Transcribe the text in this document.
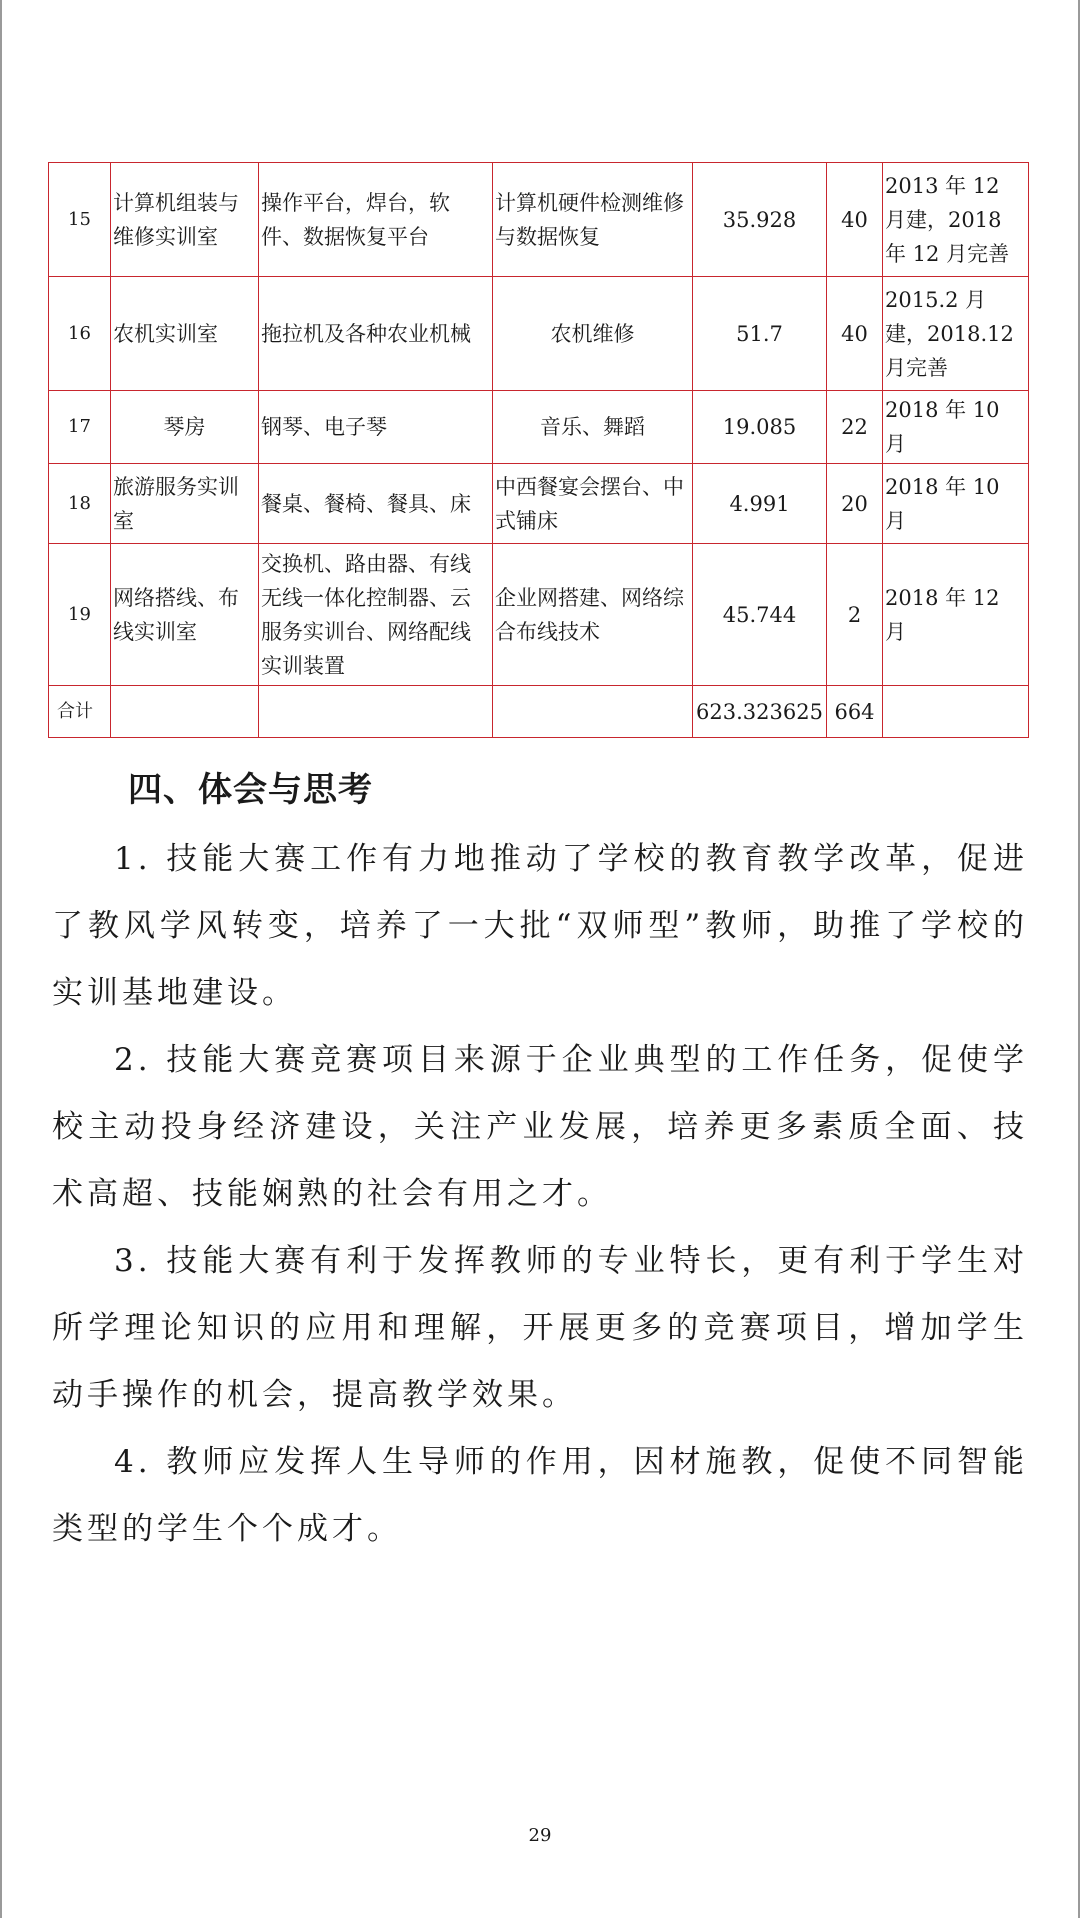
15	计算机组装与维修实训室	操作平台，焊台，软件、数据恢复平台	计算机硬件检测维修与数据恢复	35.928	40	2013 年 12 月建，2018 年 12 月完善
16	农机实训室	拖拉机及各种农业机械	农机维修	51.7	40	2015.2 月建，2018.12 月完善
17	琴房	钢琴、电子琴	音乐、舞蹈	19.085	22	2018 年 10 月
18	旅游服务实训室	餐桌、餐椅、餐具、床	中西餐宴会摆台、中式铺床	4.991	20	2018 年 10 月
19	网络搭线、布线实训室	交换机、路由器、有线无线一体化控制器、云服务实训台、网络配线实训装置	企业网搭建、网络综合布线技术	45.744	2	2018 年 12 月
合计				623.323625	664	
四、体会与思考

1. 技能大赛工作有力地推动了学校的教育教学改革，促进了教风学风转变，培养了一大批“双师型”教师，助推了学校的实训基地建设。

2. 技能大赛竞赛项目来源于企业典型的工作任务，促使学校主动投身经济建设，关注产业发展，培养更多素质全面、技术高超、技能娴熟的社会有用之才。

3. 技能大赛有利于发挥教师的专业特长，更有利于学生对所学理论知识的应用和理解，开展更多的竞赛项目，增加学生动手操作的机会，提高教学效果。

4. 教师应发挥人生导师的作用，因材施教，促使不同智能类型的学生个个成才。

29
